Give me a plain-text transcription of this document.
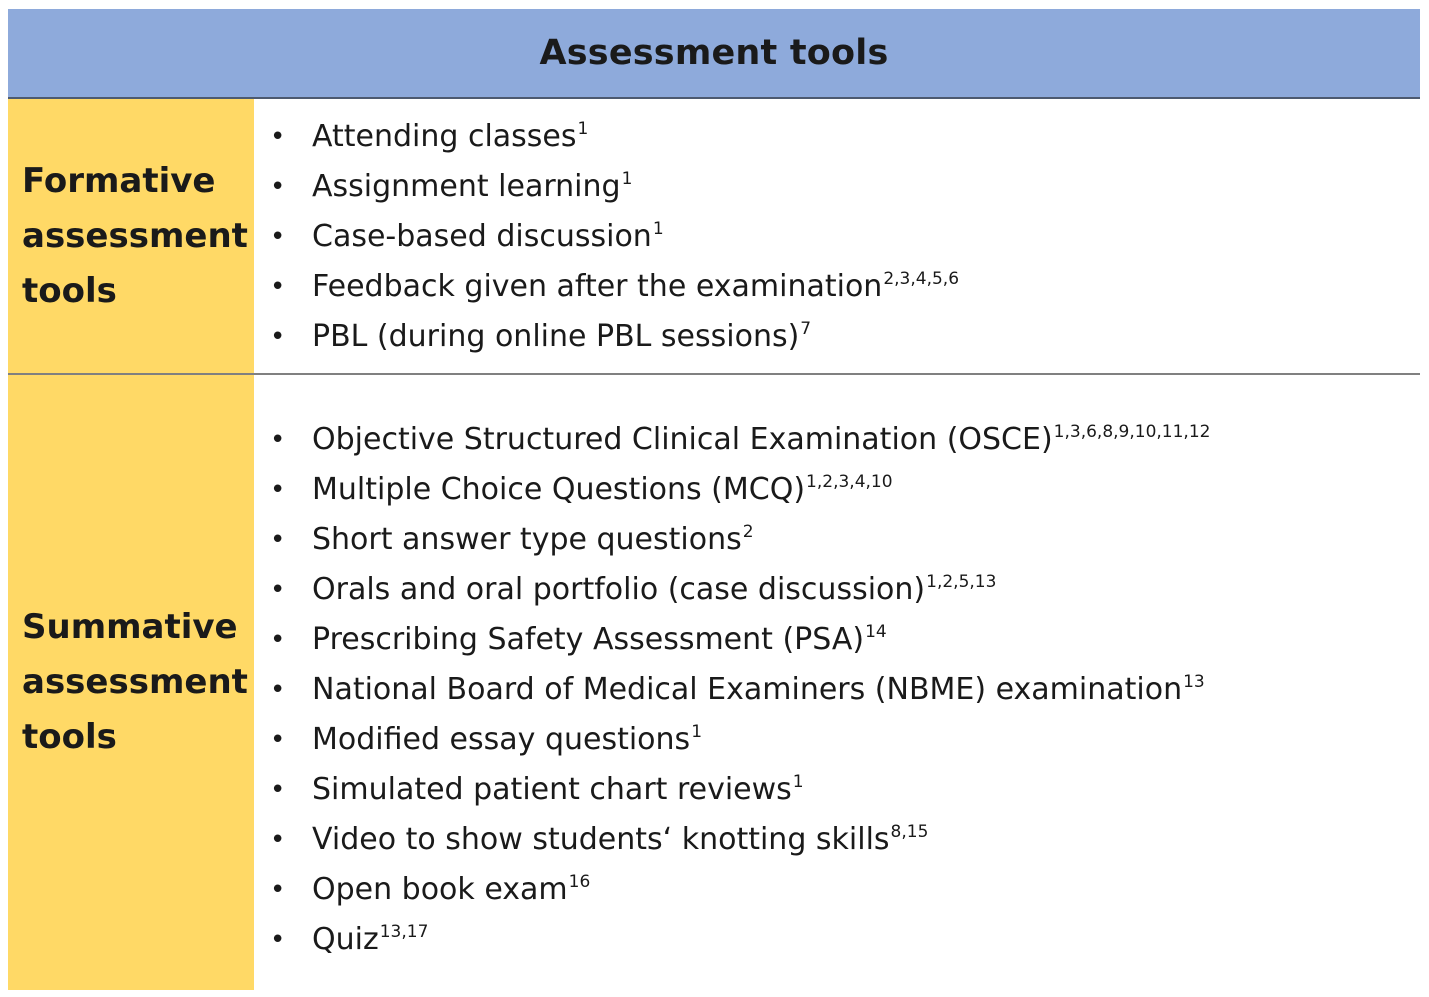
Assessment tools
Formative
assessment
tools
• Attending classes$^1$
• Assignment learning$^1$
• Case-based discussion$^1$
• Feedback given after the examination$^{2,3,4,5,6}$
• PBL (during online PBL sessions)$^7$
Summative
assessment
tools
• Objective Structured Clinical Examination (OSCE)$^{1,3,6,8,9,10,11,12}$
• Multiple Choice Questions (MCQ)$^{1,2,3,4,10}$
• Short answer type questions$^2$
• Orals and oral portfolio (case discussion)$^{1,2,5,13}$
• Prescribing Safety Assessment (PSA)$^{14}$
• National Board of Medical Examiners (NBME) examination$^{13}$
• Modified essay questions$^1$
• Simulated patient chart reviews$^1$
• Video to show students‘ knotting skills$^{8,15}$
• Open book exam$^{16}$
• Quiz$^{13,17}$
